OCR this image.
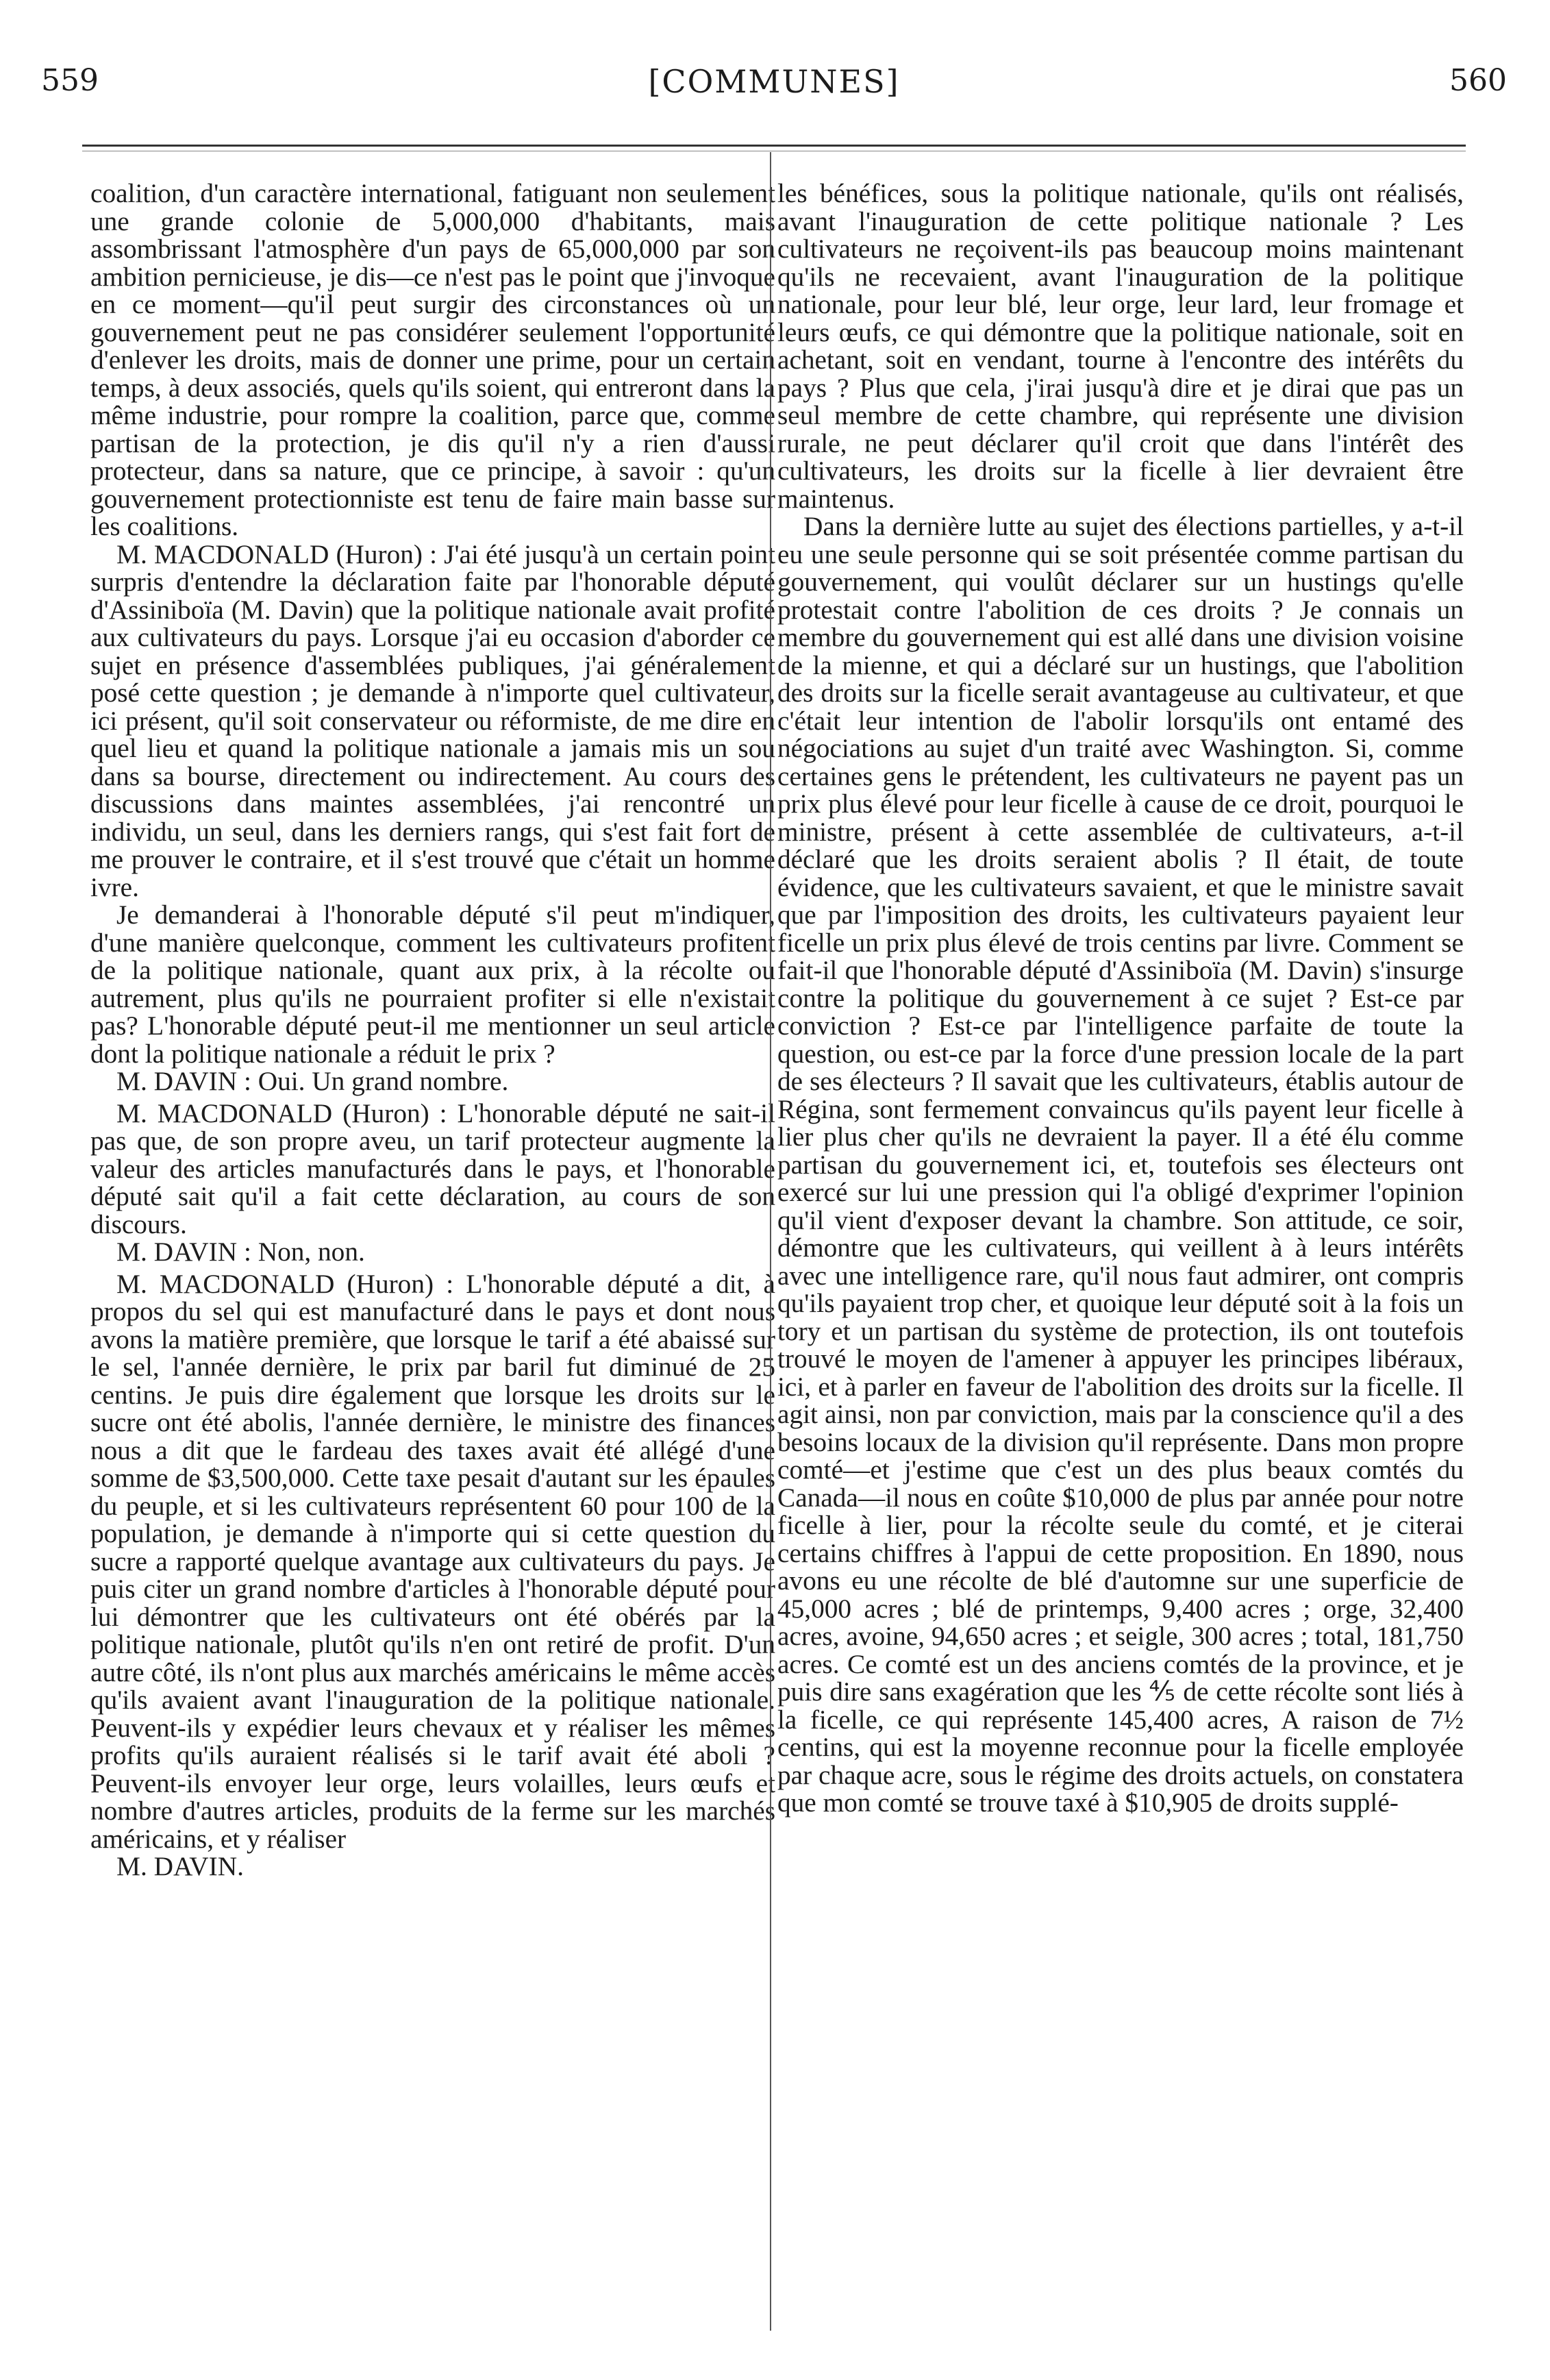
559	[COMMUNES]	560

coalition, d'un caractère international, fatiguant non seulement une grande colonie de 5,000,000 d'habitants, mais assombrissant l'atmosphère d'un pays de 65,000,000 par son ambition pernicieuse, je dis—ce n'est pas le point que j'invoque en ce moment—qu'il peut surgir des circonstances où un gouvernement peut ne pas considérer seulement l'opportunité d'enlever les droits, mais de donner une prime, pour un certain temps, à deux associés, quels qu'ils soient, qui entreront dans la même industrie, pour rompre la coalition, parce que, comme partisan de la protection, je dis qu'il n'y a rien d'aussi protecteur, dans sa nature, que ce principe, à savoir : qu'un gouvernement protectionniste est tenu de faire main basse sur les coalitions.

M. MACDONALD (Huron) : J'ai été jusqu'à un certain point surpris d'entendre la déclaration faite par l'honorable député d'Assiniboïa (M. Davin) que la politique nationale avait profité aux cultivateurs du pays. Lorsque j'ai eu occasion d'aborder ce sujet en présence d'assemblées publiques, j'ai généralement posé cette question ; je demande à n'importe quel cultivateur, ici présent, qu'il soit conservateur ou réformiste, de me dire en quel lieu et quand la politique nationale a jamais mis un sou dans sa bourse, directement ou indirectement. Au cours des discussions dans maintes assemblées, j'ai rencontré un individu, un seul, dans les derniers rangs, qui s'est fait fort de me prouver le contraire, et il s'est trouvé que c'était un homme ivre.

Je demanderai à l'honorable député s'il peut m'indiquer, d'une manière quelconque, comment les cultivateurs profitent de la politique nationale, quant aux prix, à la récolte ou autrement, plus qu'ils ne pourraient profiter si elle n'existait pas? L'honorable député peut-il me mentionner un seul article dont la politique nationale a réduit le prix ?

M. DAVIN : Oui. Un grand nombre.

M. MACDONALD (Huron) : L'honorable député ne sait-il pas que, de son propre aveu, un tarif protecteur augmente la valeur des articles manufacturés dans le pays, et l'honorable député sait qu'il a fait cette déclaration, au cours de son discours.

M. DAVIN : Non, non.

M. MACDONALD (Huron) : L'honorable député a dit, à propos du sel qui est manufacturé dans le pays et dont nous avons la matière première, que lorsque le tarif a été abaissé sur le sel, l'année dernière, le prix par baril fut diminué de 25 centins. Je puis dire également que lorsque les droits sur le sucre ont été abolis, l'année dernière, le ministre des finances nous a dit que le fardeau des taxes avait été allégé d'une somme de $3,500,000. Cette taxe pesait d'autant sur les épaules du peuple, et si les cultivateurs représentent 60 pour 100 de la population, je demande à n'importe qui si cette question du sucre a rapporté quelque avantage aux cultivateurs du pays. Je puis citer un grand nombre d'articles à l'honorable député pour lui démontrer que les cultivateurs ont été obérés par la politique nationale, plutôt qu'ils n'en ont retiré de profit. D'un autre côté, ils n'ont plus aux marchés américains le même accès qu'ils avaient avant l'inauguration de la politique nationale. Peuvent-ils y expédier leurs chevaux et y réaliser les mêmes profits qu'ils auraient réalisés si le tarif avait été aboli ? Peuvent-ils envoyer leur orge, leurs volailles, leurs œufs et nombre d'autres articles, produits de la ferme sur les marchés américains, et y réaliser

M. DAVIN.

les bénéfices, sous la politique nationale, qu'ils ont réalisés, avant l'inauguration de cette politique nationale ? Les cultivateurs ne reçoivent-ils pas beaucoup moins maintenant qu'ils ne recevaient, avant l'inauguration de la politique nationale, pour leur blé, leur orge, leur lard, leur fromage et leurs œufs, ce qui démontre que la politique nationale, soit en achetant, soit en vendant, tourne à l'encontre des intérêts du pays ? Plus que cela, j'irai jusqu'à dire et je dirai que pas un seul membre de cette chambre, qui représente une division rurale, ne peut déclarer qu'il croit que dans l'intérêt des cultivateurs, les droits sur la ficelle à lier devraient être maintenus.

Dans la dernière lutte au sujet des élections partielles, y a-t-il eu une seule personne qui se soit présentée comme partisan du gouvernement, qui voulût déclarer sur un hustings qu'elle protestait contre l'abolition de ces droits ? Je connais un membre du gouvernement qui est allé dans une division voisine de la mienne, et qui a déclaré sur un hustings, que l'abolition des droits sur la ficelle serait avantageuse au cultivateur, et que c'était leur intention de l'abolir lorsqu'ils ont entamé des négociations au sujet d'un traité avec Washington. Si, comme certaines gens le prétendent, les cultivateurs ne payent pas un prix plus élevé pour leur ficelle à cause de ce droit, pourquoi le ministre, présent à cette assemblée de cultivateurs, a-t-il déclaré que les droits seraient abolis ? Il était, de toute évidence, que les cultivateurs savaient, et que le ministre savait que par l'imposition des droits, les cultivateurs payaient leur ficelle un prix plus élevé de trois centins par livre. Comment se fait-il que l'honorable député d'Assiniboïa (M. Davin) s'insurge contre la politique du gouvernement à ce sujet ? Est-ce par conviction ? Est-ce par l'intelligence parfaite de toute la question, ou est-ce par la force d'une pression locale de la part de ses électeurs ? Il savait que les cultivateurs, établis autour de Régina, sont fermement convaincus qu'ils payent leur ficelle à lier plus cher qu'ils ne devraient la payer. Il a été élu comme partisan du gouvernement ici, et, toutefois ses électeurs ont exercé sur lui une pression qui l'a obligé d'exprimer l'opinion qu'il vient d'exposer devant la chambre. Son attitude, ce soir, démontre que les cultivateurs, qui veillent à à leurs intérêts avec une intelligence rare, qu'il nous faut admirer, ont compris qu'ils payaient trop cher, et quoique leur député soit à la fois un tory et un partisan du système de protection, ils ont toutefois trouvé le moyen de l'amener à appuyer les principes libéraux, ici, et à parler en faveur de l'abolition des droits sur la ficelle. Il agit ainsi, non par conviction, mais par la conscience qu'il a des besoins locaux de la division qu'il représente. Dans mon propre comté—et j'estime que c'est un des plus beaux comtés du Canada—il nous en coûte $10,000 de plus par année pour notre ficelle à lier, pour la récolte seule du comté, et je citerai certains chiffres à l'appui de cette proposition. En 1890, nous avons eu une récolte de blé d'automne sur une superficie de 45,000 acres ; blé de printemps, 9,400 acres ; orge, 32,400 acres, avoine, 94,650 acres ; et seigle, 300 acres ; total, 181,750 acres. Ce comté est un des anciens comtés de la province, et je puis dire sans exagération que les ⅘ de cette récolte sont liés à la ficelle, ce qui représente 145,400 acres, A raison de 7½ centins, qui est la moyenne reconnue pour la ficelle employée par chaque acre, sous le régime des droits actuels, on constatera que mon comté se trouve taxé à $10,905 de droits supplé-
